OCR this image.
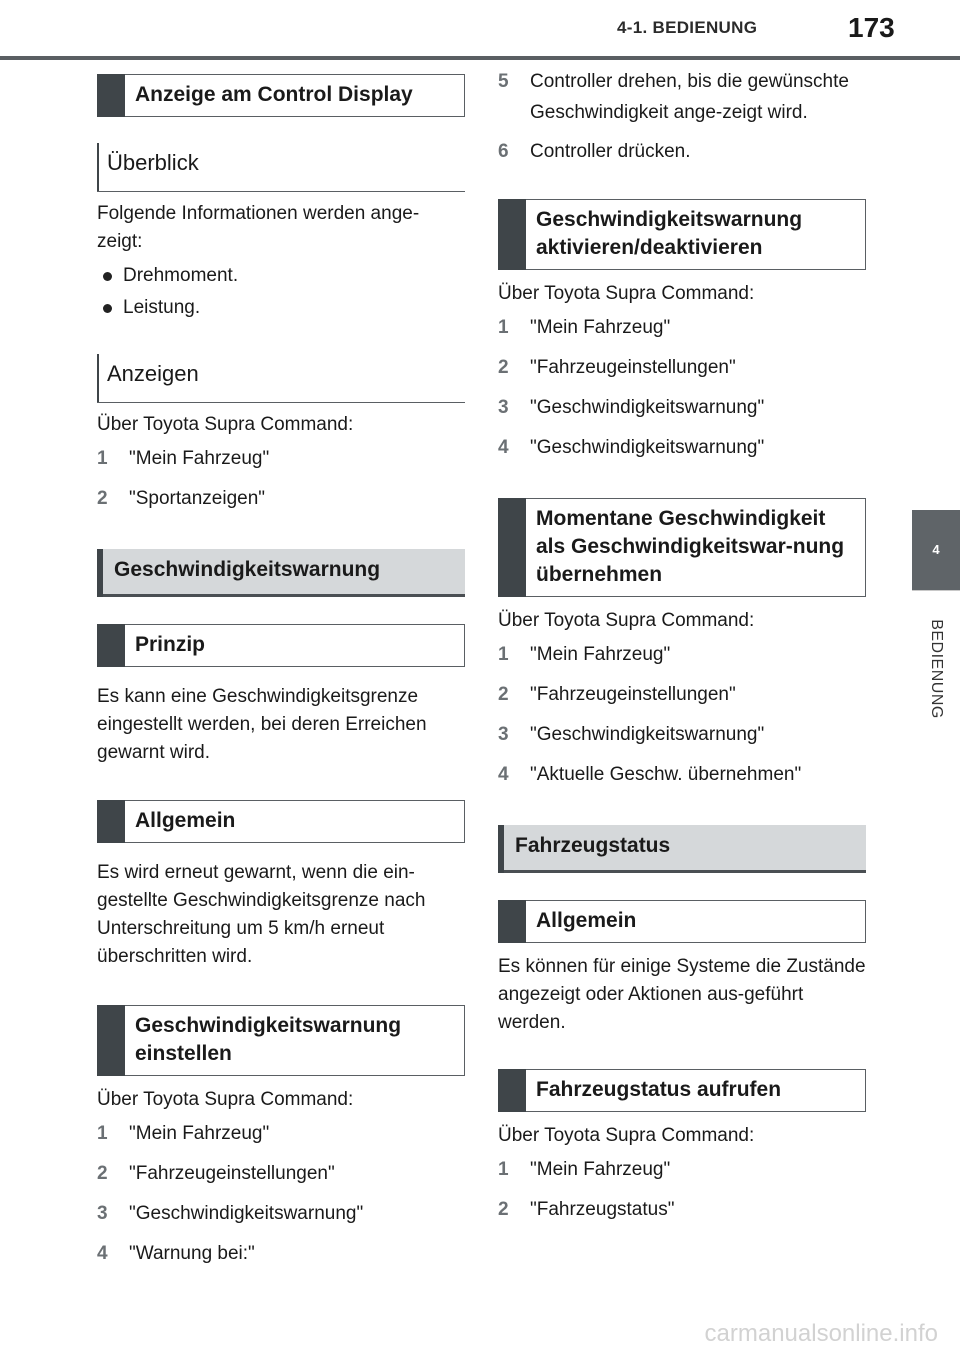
4-1. BEDIENUNG	173
4
BEDIENUNG
Anzeige am Control Display
Überblick

Folgende Informationen werden ange-zeigt:

Drehmoment.
Leistung.
Anzeigen

Über Toyota Supra Command:

1	"Mein Fahrzeug"
2	"Sportanzeigen"
Geschwindigkeitswarnung
Prinzip

Es kann eine Geschwindigkeitsgrenze eingestellt werden, bei deren Erreichen gewarnt wird.

Allgemein

Es wird erneut gewarnt, wenn die ein-gestellte Geschwindigkeitsgrenze nach Unterschreitung um 5 km/h erneut überschritten wird.

Geschwindigkeitswarnung einstellen

Über Toyota Supra Command:

1	"Mein Fahrzeug"
2	"Fahrzeugeinstellungen"
3	"Geschwindigkeitswarnung"
4	"Warnung bei:"
5	Controller drehen, bis die gewünschte Geschwindigkeit ange-zeigt wird.
6	Controller drücken.
Geschwindigkeitswarnung aktivieren/deaktivieren

Über Toyota Supra Command:

1	"Mein Fahrzeug"
2	"Fahrzeugeinstellungen"
3	"Geschwindigkeitswarnung"
4	"Geschwindigkeitswarnung"
Momentane Geschwindigkeit als Geschwindigkeitswar-nung übernehmen

Über Toyota Supra Command:

1	"Mein Fahrzeug"
2	"Fahrzeugeinstellungen"
3	"Geschwindigkeitswarnung"
4	"Aktuelle Geschw. übernehmen"
Fahrzeugstatus
Allgemein

Es können für einige Systeme die Zustände angezeigt oder Aktionen aus-geführt werden.

Fahrzeugstatus aufrufen

Über Toyota Supra Command:

1	"Mein Fahrzeug"
2	"Fahrzeugstatus"
carmanualsonline.info
